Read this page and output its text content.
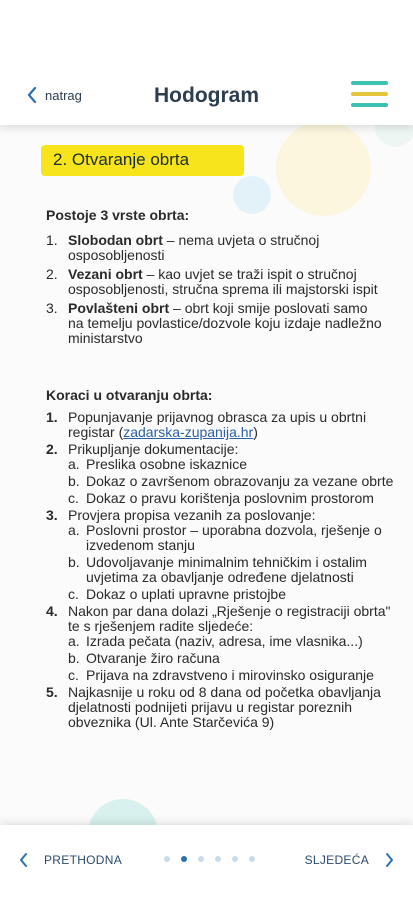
natrag	Hodogram
2. Otvaranje obrta
Postoje 3 vrste obrta:
1. Slobodan obrt – nema uvjeta o stručnoj osposobljenosti
2. Vezani obrt – kao uvjet se traži ispit o stručnoj osposobljenosti, stručna sprema ili majstorski ispit
3. Povlašteni obrt – obrt koji smije poslovati samo na temelju povlastice/dozvole koju izdaje nadležno ministarstvo
Koraci u otvaranju obrta:
1. Popunjavanje prijavnog obrasca za upis u obrtni registar (zadarska-zupanija.hr)
2. Prikupljanje dokumentacije:
a. Preslika osobne iskaznice
b. Dokaz o završenom obrazovanju za vezane obrte
c. Dokaz o pravu korištenja poslovnim prostorom
3. Provjera propisa vezanih za poslovanje:
a. Poslovni prostor – uporabna dozvola, rješenje o izvedenom stanju
b. Udovoljavanje minimalnim tehničkim i ostalim uvjetima za obavljanje određene djelatnosti
c. Dokaz o uplati upravne pristojbe
4. Nakon par dana dolazi „Rješenje o registraciji obrta" te s rješenjem radite sljedeće:
a. Izrada pečata (naziv, adresa, ime vlasnika...)
b. Otvaranje žiro računa
c. Prijava na zdravstveno i mirovinsko osiguranje
5. Najkasnije u roku od 8 dana od početka obavljanja djelatnosti podnijeti prijavu u registar poreznih obveznika (Ul. Ante Starčevića 9)
PRETHODNA	SLJEDEĆA
